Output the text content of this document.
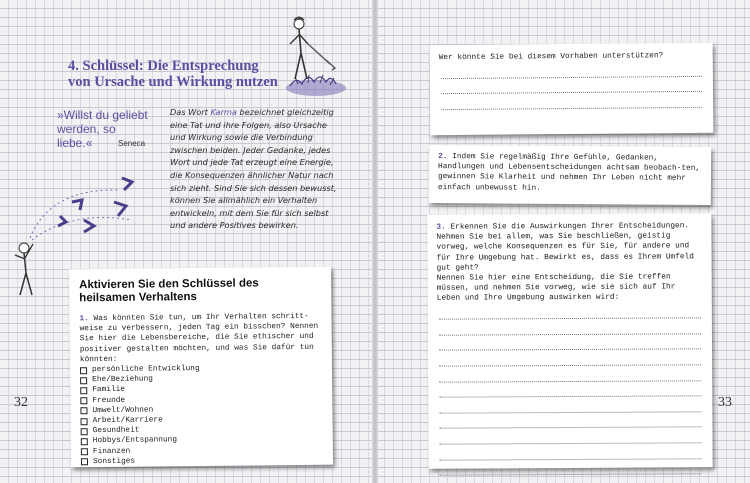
4. Schlüssel: Die Entsprechung
von Ursache und Wirkung nutzen
»Willst du geliebt
werden, so liebe.«	Seneca

Das Wort Karma bezeichnet gleichzeitig eine Tat und ihre Folgen, also Ursache und Wirkung sowie die Verbindung zwischen beiden. Jeder Gedanke, jedes Wort und jede Tat erzeugt eine Energie, die Konsequenzen ähnlicher Natur nach sich zieht. Sind Sie sich dessen bewusst, können Sie allmählich ein Verhalten entwickeln, mit dem Sie für sich selbst und andere Positives bewirken.

Aktivieren Sie den Schlüssel des
heilsamen Verhaltens
1. Was könnten Sie tun, um Ihr Verhalten schritt-weise zu verbessern, jeden Tag ein bisschen? Nennen Sie hier die Lebensbereiche, die Sie ethischer und positiver gestalten möchten, und was Sie dafür tun könnten:
persönliche Entwicklung
Ehe/Beziehung
Familie
Freunde
Umwelt/Wohnen
Arbeit/Karriere
Gesundheit
Hobbys/Entspannung
Finanzen
Sonstiges
32	33
Wer könnte Sie bei diesem Vorhaben unterstützen?
2. Indem Sie regelmäßig Ihre Gefühle, Gedanken, Handlungen und Lebensentscheidungen achtsam beobach-ten, gewinnen Sie Klarheit und nehmen Ihr Leben nicht mehr einfach unbewusst hin.
3. Erkennen Sie die Auswirkungen Ihrer Entscheidungen. Nehmen Sie bei allem, was Sie beschließen, geistig vorweg, welche Konsequenzen es für Sie, für andere und für Ihre Umgebung hat. Bewirkt es, dass es Ihrem Umfeld gut geht?
Nennen Sie hier eine Entscheidung, die Sie treffen müssen, und nehmen Sie vorweg, wie sie sich auf Ihr Leben und Ihre Umgebung auswirken wird:
